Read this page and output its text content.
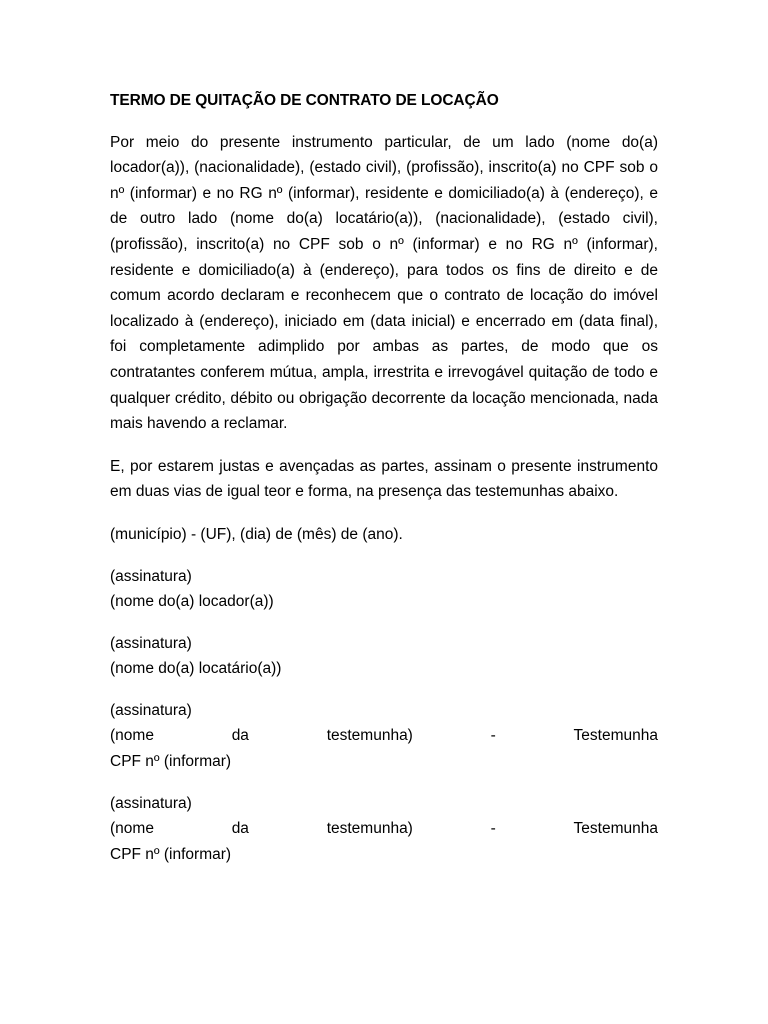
TERMO DE QUITAÇÃO DE CONTRATO DE LOCAÇÃO

Por meio do presente instrumento particular, de um lado (nome do(a) locador(a)), (nacionalidade), (estado civil), (profissão), inscrito(a) no CPF sob o nº (informar) e no RG nº (informar), residente e domiciliado(a) à (endereço), e de outro lado (nome do(a) locatário(a)), (nacionalidade), (estado civil), (profissão), inscrito(a) no CPF sob o nº (informar) e no RG nº (informar), residente e domiciliado(a) à (endereço), para todos os fins de direito e de comum acordo declaram e reconhecem que o contrato de locação do imóvel localizado à (endereço), iniciado em (data inicial) e encerrado em (data final), foi completamente adimplido por ambas as partes, de modo que os contratantes conferem mútua, ampla, irrestrita e irrevogável quitação de todo e qualquer crédito, débito ou obrigação decorrente da locação mencionada, nada mais havendo a reclamar.

E, por estarem justas e avençadas as partes, assinam o presente instrumento em duas vias de igual teor e forma, na presença das testemunhas abaixo.

(município) - (UF), (dia) de (mês) de (ano).
(assinatura)
(nome do(a) locador(a))
(assinatura)
(nome do(a) locatário(a))
(assinatura)
(nome	da	testemunha)	-	Testemunha
CPF nº (informar)
(assinatura)
(nome	da	testemunha)	-	Testemunha
CPF nº (informar)
